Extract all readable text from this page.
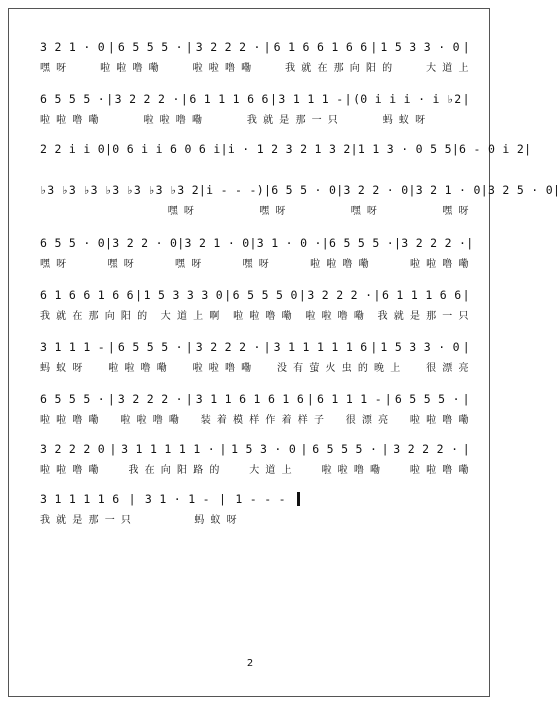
3 2 1 · 0 | 6 5 5 5 · | 3 2 2 2 · | 6 1 6 6 1 6 6 | 1 5 3 3 · 0 |
嘿 呀	啦 啦 噜 嘞	啦 啦 噜 嘞	我 就 在 那 向 阳 的	大 道 上
6 5 5 5 · | 3 2 2 2 · | 6 1 1 1 6 6 | 3 1 1 1 - | (0 i i i · i ♭2 |
啦 啦 噜 嘞	啦 啦 噜 嘞	我 就 是 那 一 只	蚂 蚁 呀
2 2 i i 0 | 0 6 i i 6 0 6 i | i · 1 2 3 2 1 3 2 | 1 1 3 · 0 5 5 | 6 - 0 i 2 |
♭3 ♭3 ♭3 ♭3 ♭3 ♭3 ♭3 2 | i - - -) | 6 5 5 · 0 | 3 2 2 · 0 | 3 2 1 · 0 | 3 2 5 · 0 |
嘿 呀	嘿 呀	嘿 呀	嘿 呀
6 5 5 · 0 | 3 2 2 · 0 | 3 2 1 · 0 | 3 1 · 0 · | 6 5 5 5 · | 3 2 2 2 · |
嘿 呀	嘿 呀	嘿 呀	嘿 呀	啦 啦 噜 嘞	啦 啦 噜 嘞
6 1 6 6 1 6 6 | 1 5 3 3 3 0 | 6 5 5 5 0 | 3 2 2 2 · | 6 1 1 1 6 6 |
我 就 在 那 向 阳 的 大 道 上 啊 啦 啦 噜 嘞 啦 啦 噜 嘞 我 就 是 那 一 只
3 1 1 1 - | 6 5 5 5 · | 3 2 2 2 · | 3 1 1 1 1 1 6 | 1 5 3 3 · 0 |
蚂 蚁 呀 啦 啦 噜 嘞 啦 啦 噜 嘞 没 有 萤 火 虫 的 晚 上 很 漂 亮
6 5 5 5 · | 3 2 2 2 · | 3 1 1 6 1 6 1 6 | 6 1 1 1 - | 6 5 5 5 · |
啦 啦 噜 嘞 啦 啦 噜 嘞 装 着 模 样 作 着 样 子 很 漂 亮 啦 啦 噜 嘞
3 2 2 2 0 | 3 1 1 1 1 1 · | 1 5 3 · 0 | 6 5 5 5 · | 3 2 2 2 · |
啦 啦 噜 嘞	我 在 向 阳 路 的	大 道 上	啦 啦 噜 嘞	啦 啦 噜 嘞
3 1 1 1 1 6 | 3 1 · 1 - | 1 - - -
我 就 是 那 一 只	蚂 蚁 呀
2
